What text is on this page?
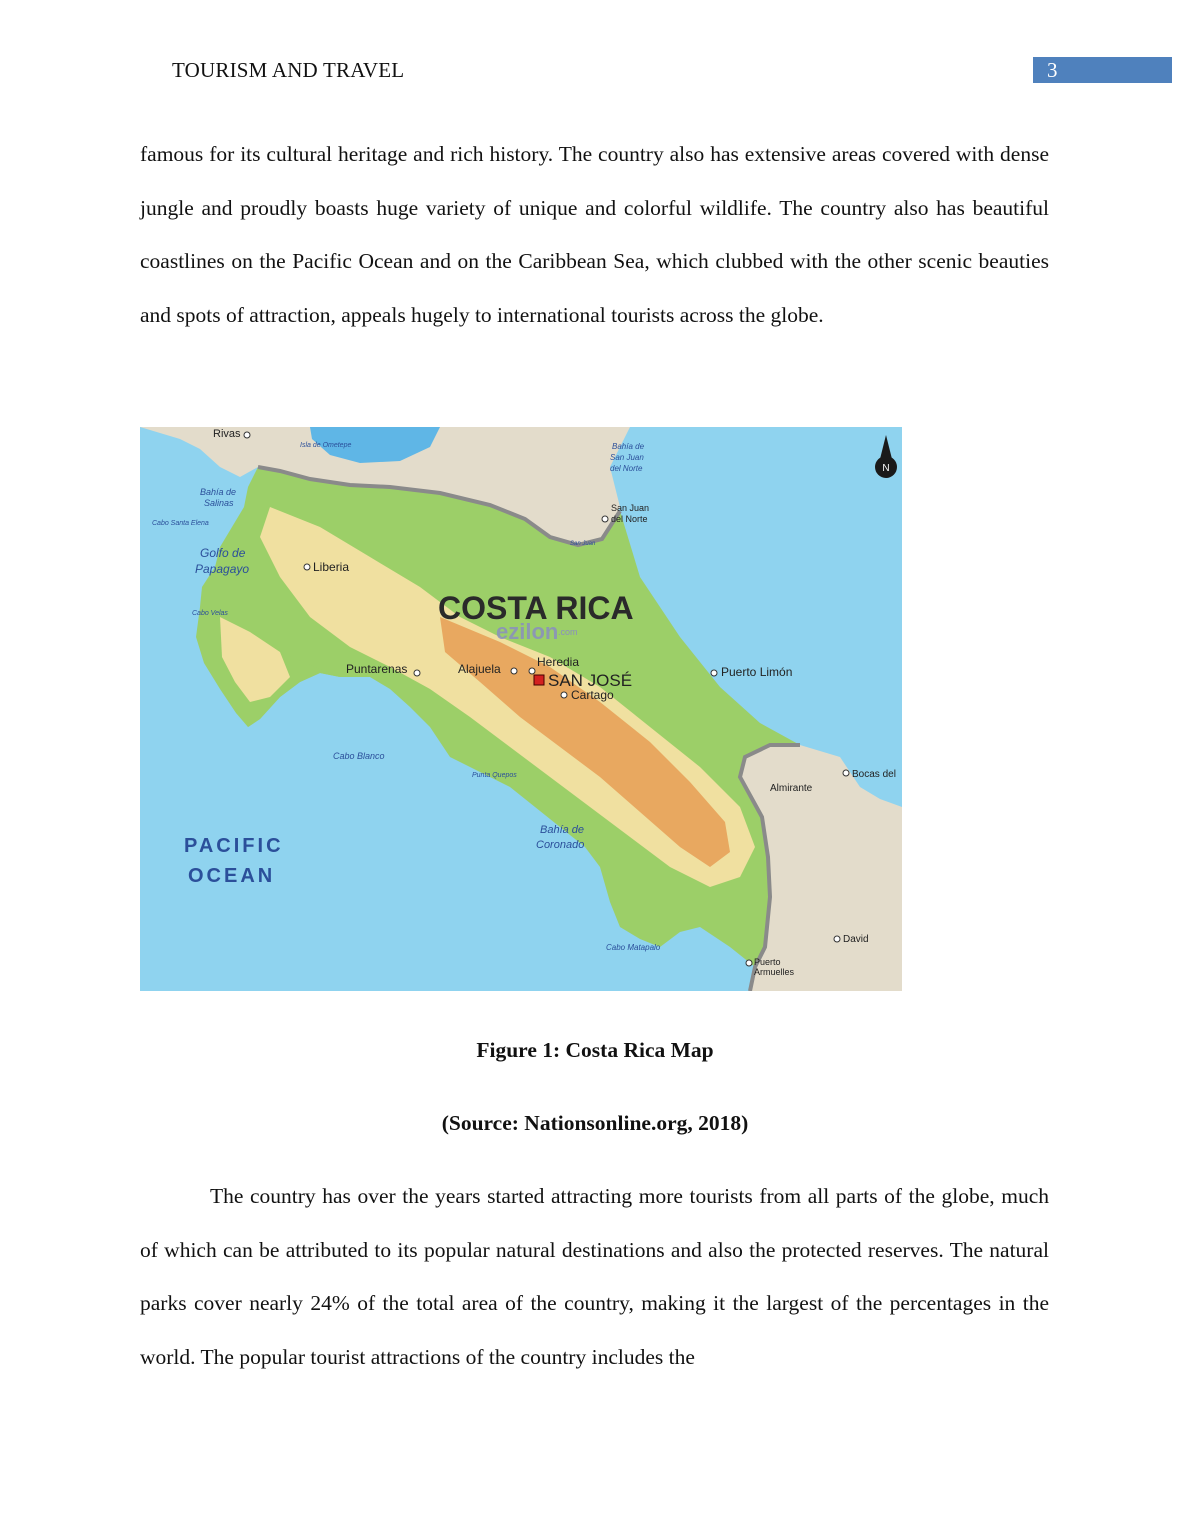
TOURISM AND TRAVEL	3

famous for its cultural heritage and rich history. The country also has extensive areas covered with dense jungle and proudly boasts huge variety of unique and colorful wildlife. The country also has beautiful coastlines on the Pacific Ocean and on the Caribbean Sea, which clubbed with the other scenic beauties and spots of attraction, appeals hugely to international tourists across the globe.

N
COSTA RICA
ezilon .com
SAN JOSÉ
Rivas
Liberia
Puntarenas	Alajuela	Heredia
Cartago
Puerto Limón
San Juan
del Norte
Almirante
Bocas del
David
Puerto
Armuelles
Isla de Ometepe
Bahía de
Salinas
Cabo Santa Elena
Golfo de
Papagayo
Cabo Velas
Cabo Blanco
Punta Quepos
Bahía de
Coronado
Cabo Matapalo
Bahía de
San Juan
del Norte
San Juan
PACIFIC
OCEAN
Figure 1: Costa Rica Map
(Source: Nationsonline.org, 2018)

The country has over the years started attracting more tourists from all parts of the globe, much of which can be attributed to its popular natural destinations and also the protected reserves. The natural parks cover nearly 24% of the total area of the country, making it the largest of the percentages in the world. The popular tourist attractions of the country includes the
